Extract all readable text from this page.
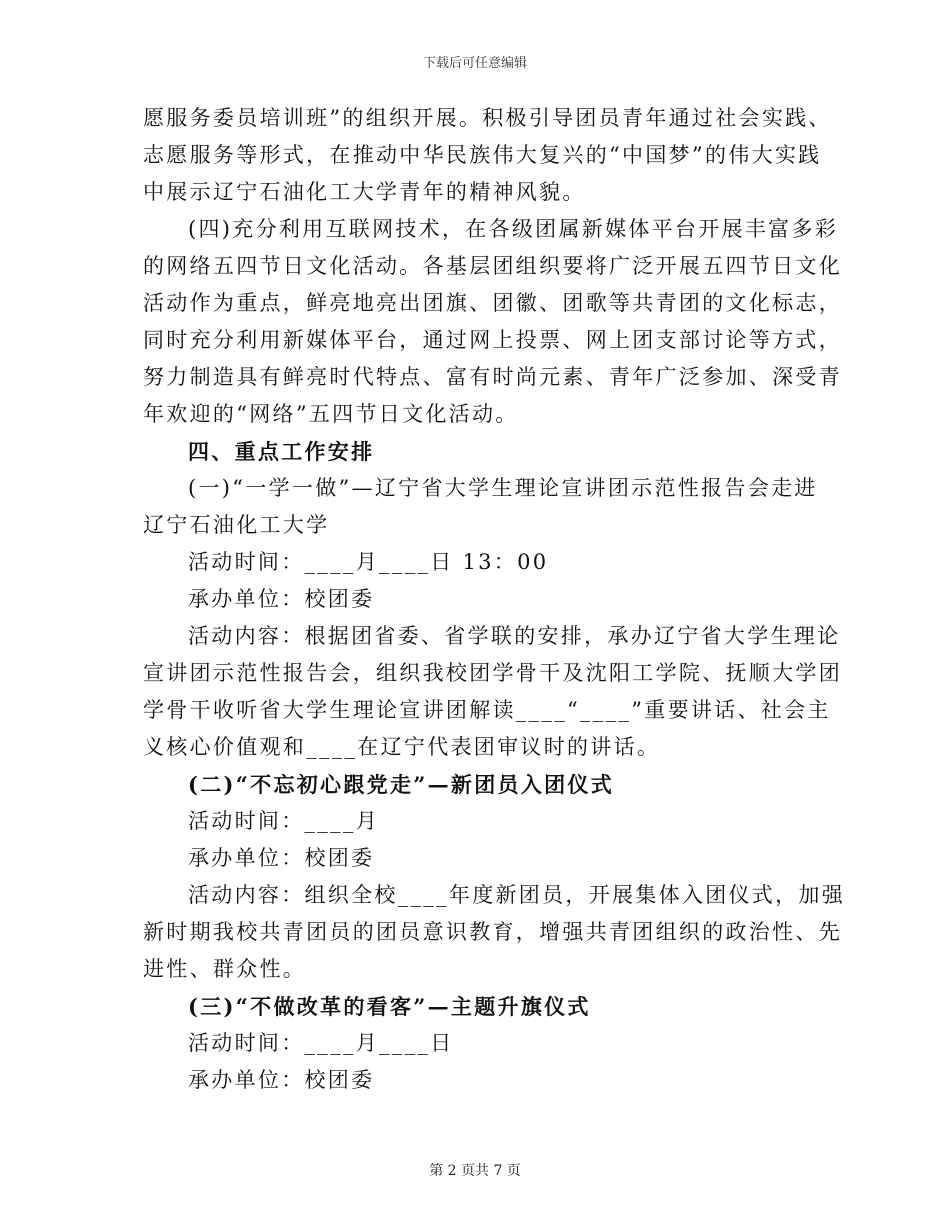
下载后可任意编辑
愿服务委员培训班”的组织开展。积极引导团员青年通过社会实践、
志愿服务等形式，在推动中华民族伟大复兴的“中国梦”的伟大实践
中展示辽宁石油化工大学青年的精神风貌。
(四)充分利用互联网技术，在各级团属新媒体平台开展丰富多彩
的网络五四节日文化活动。各基层团组织要将广泛开展五四节日文化
活动作为重点，鲜亮地亮出团旗、团徽、团歌等共青团的文化标志，
同时充分利用新媒体平台，通过网上投票、网上团支部讨论等方式，
努力制造具有鲜亮时代特点、富有时尚元素、青年广泛参加、深受青
年欢迎的“网络”五四节日文化活动。
四、重点工作安排
(一)“一学一做”—辽宁省大学生理论宣讲团示范性报告会走进
辽宁石油化工大学
活动时间：____月____日 13：00
承办单位：校团委
活动内容：根据团省委、省学联的安排，承办辽宁省大学生理论
宣讲团示范性报告会，组织我校团学骨干及沈阳工学院、抚顺大学团
学骨干收听省大学生理论宣讲团解读____“____”重要讲话、社会主
义核心价值观和____在辽宁代表团审议时的讲话。
(二)“不忘初心跟党走”—新团员入团仪式
活动时间：____月
承办单位：校团委
活动内容：组织全校____年度新团员，开展集体入团仪式，加强
新时期我校共青团员的团员意识教育，增强共青团组织的政治性、先
进性、群众性。
(三)“不做改革的看客”—主题升旗仪式
活动时间：____月____日
承办单位：校团委
第 2 页共 7 页
